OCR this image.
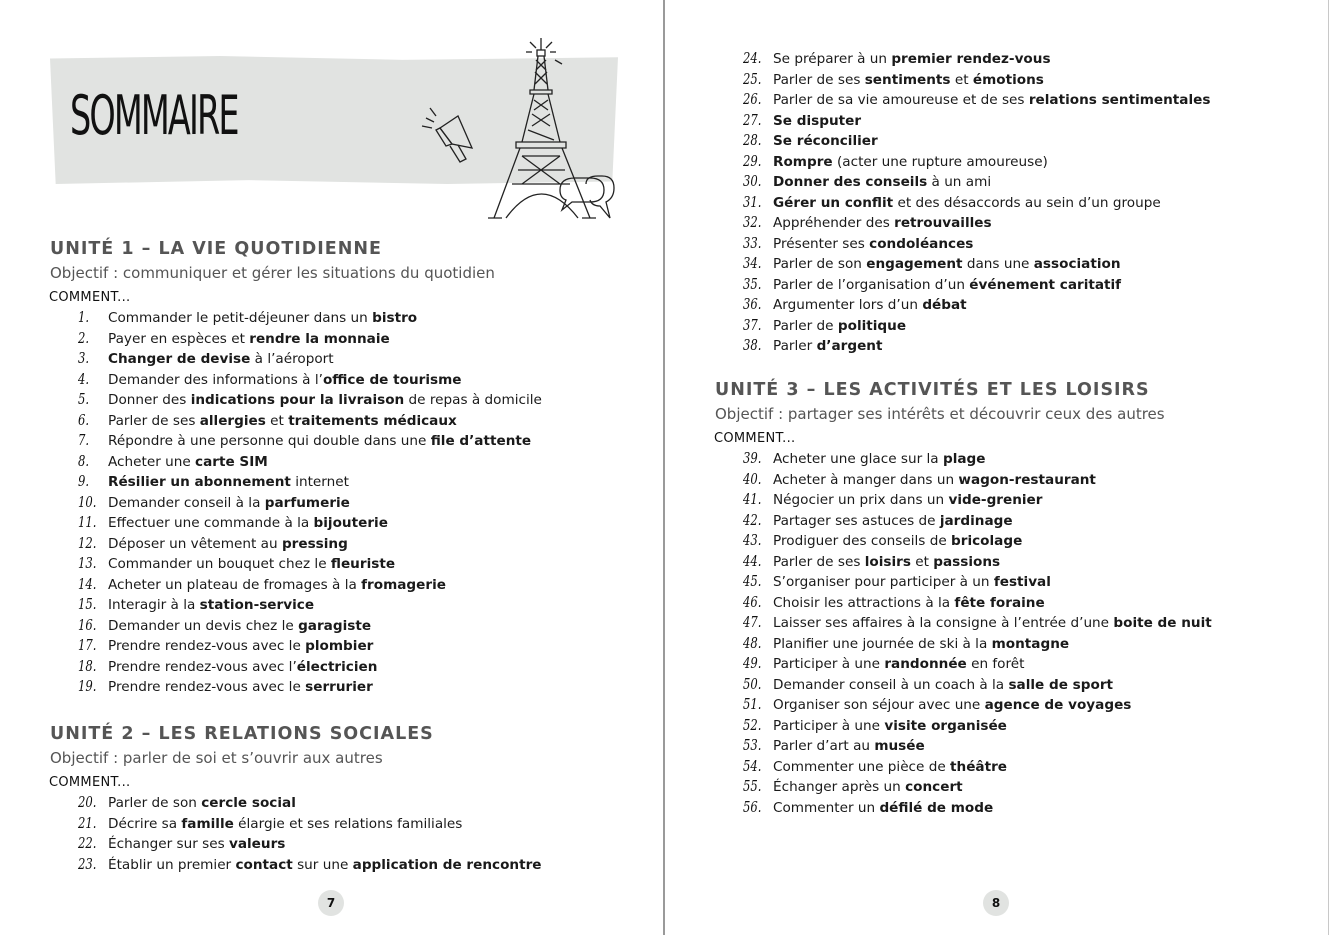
SOMMAIRE
UNITÉ 1 – LA VIE QUOTIDIENNE
Objectif : communiquer et gérer les situations du quotidien
COMMENT...
1. Commander le petit-déjeuner dans un bistro
2. Payer en espèces et rendre la monnaie
3. Changer de devise à l’aéroport
4. Demander des informations à l’office de tourisme
5. Donner des indications pour la livraison de repas à domicile
6. Parler de ses allergies et traitements médicaux
7. Répondre à une personne qui double dans une file d’attente
8. Acheter une carte SIM
9. Résilier un abonnement internet
10. Demander conseil à la parfumerie
11. Effectuer une commande à la bijouterie
12. Déposer un vêtement au pressing
13. Commander un bouquet chez le fleuriste
14. Acheter un plateau de fromages à la fromagerie
15. Interagir à la station-service
16. Demander un devis chez le garagiste
17. Prendre rendez-vous avec le plombier
18. Prendre rendez-vous avec l’électricien
19. Prendre rendez-vous avec le serrurier
UNITÉ 2 – LES RELATIONS SOCIALES
Objectif : parler de soi et s’ouvrir aux autres
COMMENT...
20. Parler de son cercle social
21. Décrire sa famille élargie et ses relations familiales
22. Échanger sur ses valeurs
23. Établir un premier contact sur une application de rencontre
7
24. Se préparer à un premier rendez-vous
25. Parler de ses sentiments et émotions
26. Parler de sa vie amoureuse et de ses relations sentimentales
27. Se disputer
28. Se réconcilier
29. Rompre (acter une rupture amoureuse)
30. Donner des conseils à un ami
31. Gérer un conflit et des désaccords au sein d’un groupe
32. Appréhender des retrouvailles
33. Présenter ses condoléances
34. Parler de son engagement dans une association
35. Parler de l’organisation d’un événement caritatif
36. Argumenter lors d’un débat
37. Parler de politique
38. Parler d’argent
UNITÉ 3 – LES ACTIVITÉS ET LES LOISIRS
Objectif : partager ses intérêts et découvrir ceux des autres
COMMENT...
39. Acheter une glace sur la plage
40. Acheter à manger dans un wagon-restaurant
41. Négocier un prix dans un vide-grenier
42. Partager ses astuces de jardinage
43. Prodiguer des conseils de bricolage
44. Parler de ses loisirs et passions
45. S’organiser pour participer à un festival
46. Choisir les attractions à la fête foraine
47. Laisser ses affaires à la consigne à l’entrée d’une boite de nuit
48. Planifier une journée de ski à la montagne
49. Participer à une randonnée en forêt
50. Demander conseil à un coach à la salle de sport
51. Organiser son séjour avec une agence de voyages
52. Participer à une visite organisée
53. Parler d’art au musée
54. Commenter une pièce de théâtre
55. Échanger après un concert
56. Commenter un défilé de mode
8
